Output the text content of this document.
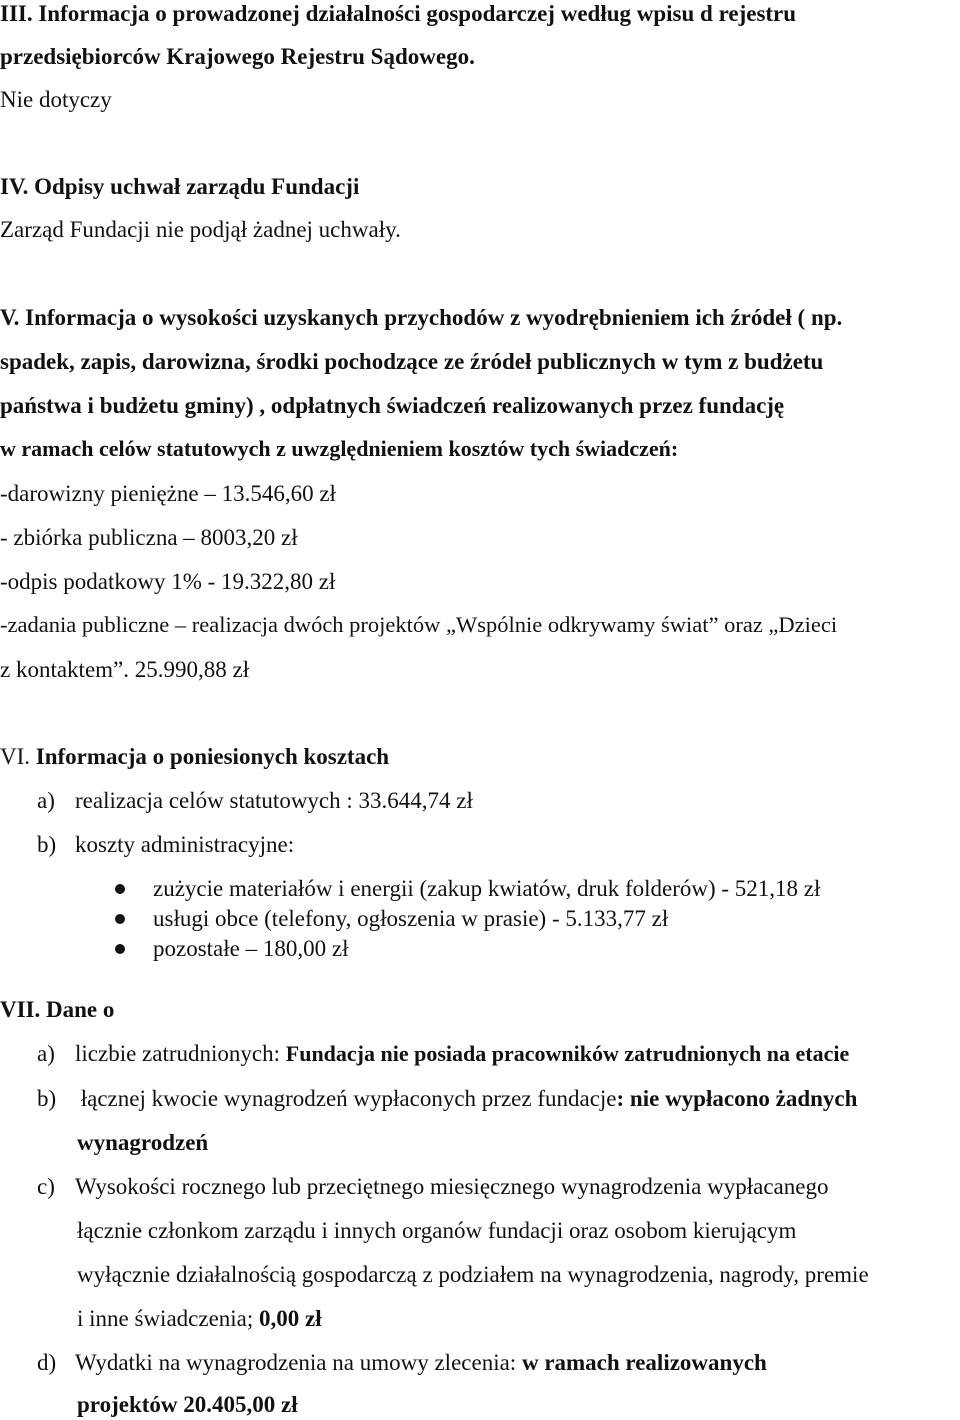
III. Informacja o prowadzonej działalności gospodarczej według wpisu d rejestru
przedsiębiorców Krajowego Rejestru Sądowego.
Nie dotyczy
IV. Odpisy uchwał zarządu Fundacji
Zarząd Fundacji nie podjął żadnej uchwały.
V. Informacja o wysokości uzyskanych przychodów z wyodrębnieniem ich źródeł ( np.
spadek, zapis, darowizna, środki pochodzące ze źródeł publicznych w tym z budżetu
państwa i budżetu gminy) , odpłatnych świadczeń realizowanych przez fundację
w ramach celów statutowych z uwzględnieniem kosztów tych świadczeń:
-darowizny pieniężne – 13.546,60 zł
- zbiórka publiczna – 8003,20 zł
-odpis podatkowy 1% - 19.322,80 zł
-zadania publiczne – realizacja dwóch projektów „Wspólnie odkrywamy świat” oraz „Dzieci
z kontaktem”. 25.990,88 zł
VI. Informacja o poniesionych kosztach
a) realizacja celów statutowych : 33.644,74 zł
b) koszty administracyjne:
zużycie materiałów i energii (zakup kwiatów, druk folderów) - 521,18 zł
usługi obce (telefony, ogłoszenia w prasie) - 5.133,77 zł
pozostałe – 180,00 zł
VII. Dane o
a) liczbie zatrudnionych: Fundacja nie posiada pracowników zatrudnionych na etacie
b) łącznej kwocie wynagrodzeń wypłaconych przez fundacje: nie wypłacono żadnych
wynagrodzeń
c) Wysokości rocznego lub przeciętnego miesięcznego wynagrodzenia wypłacanego
łącznie członkom zarządu i innych organów fundacji oraz osobom kierującym
wyłącznie działalnością gospodarczą z podziałem na wynagrodzenia, nagrody, premie
i inne świadczenia; 0,00 zł
d) Wydatki na wynagrodzenia na umowy zlecenia: w ramach realizowanych
projektów 20.405,00 zł
